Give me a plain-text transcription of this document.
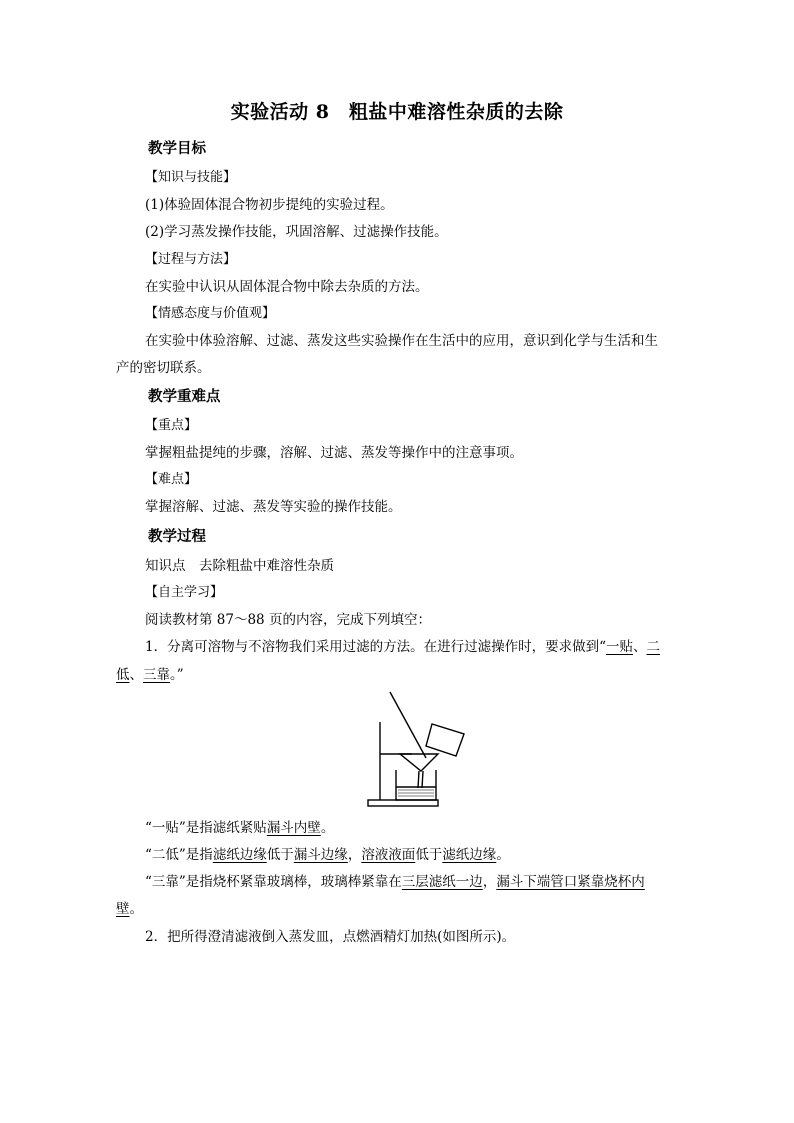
实验活动 8　粗盐中难溶性杂质的去除
教学目标
【知识与技能】
(1)体验固体混合物初步提纯的实验过程。
(2)学习蒸发操作技能，巩固溶解、过滤操作技能。
【过程与方法】
在实验中认识从固体混合物中除去杂质的方法。
【情感态度与价值观】
在实验中体验溶解、过滤、蒸发这些实验操作在生活中的应用，意识到化学与生活和生
产的密切联系。
教学重难点
【重点】
掌握粗盐提纯的步骤，溶解、过滤、蒸发等操作中的注意事项。
【难点】
掌握溶解、过滤、蒸发等实验的操作技能。
教学过程
知识点　去除粗盐中难溶性杂质
【自主学习】
阅读教材第 87～88 页的内容，完成下列填空：
1．分离可溶物与不溶物我们采用过滤的方法。在进行过滤操作时，要求做到“一贴、二
低、三靠。”
“一贴”是指滤纸紧贴漏斗内壁。
“二低”是指滤纸边缘低于漏斗边缘，溶液液面低于滤纸边缘。
“三靠”是指烧杯紧靠玻璃棒，玻璃棒紧靠在三层滤纸一边，漏斗下端管口紧靠烧杯内
壁。
2．把所得澄清滤液倒入蒸发皿，点燃酒精灯加热(如图所示)。
